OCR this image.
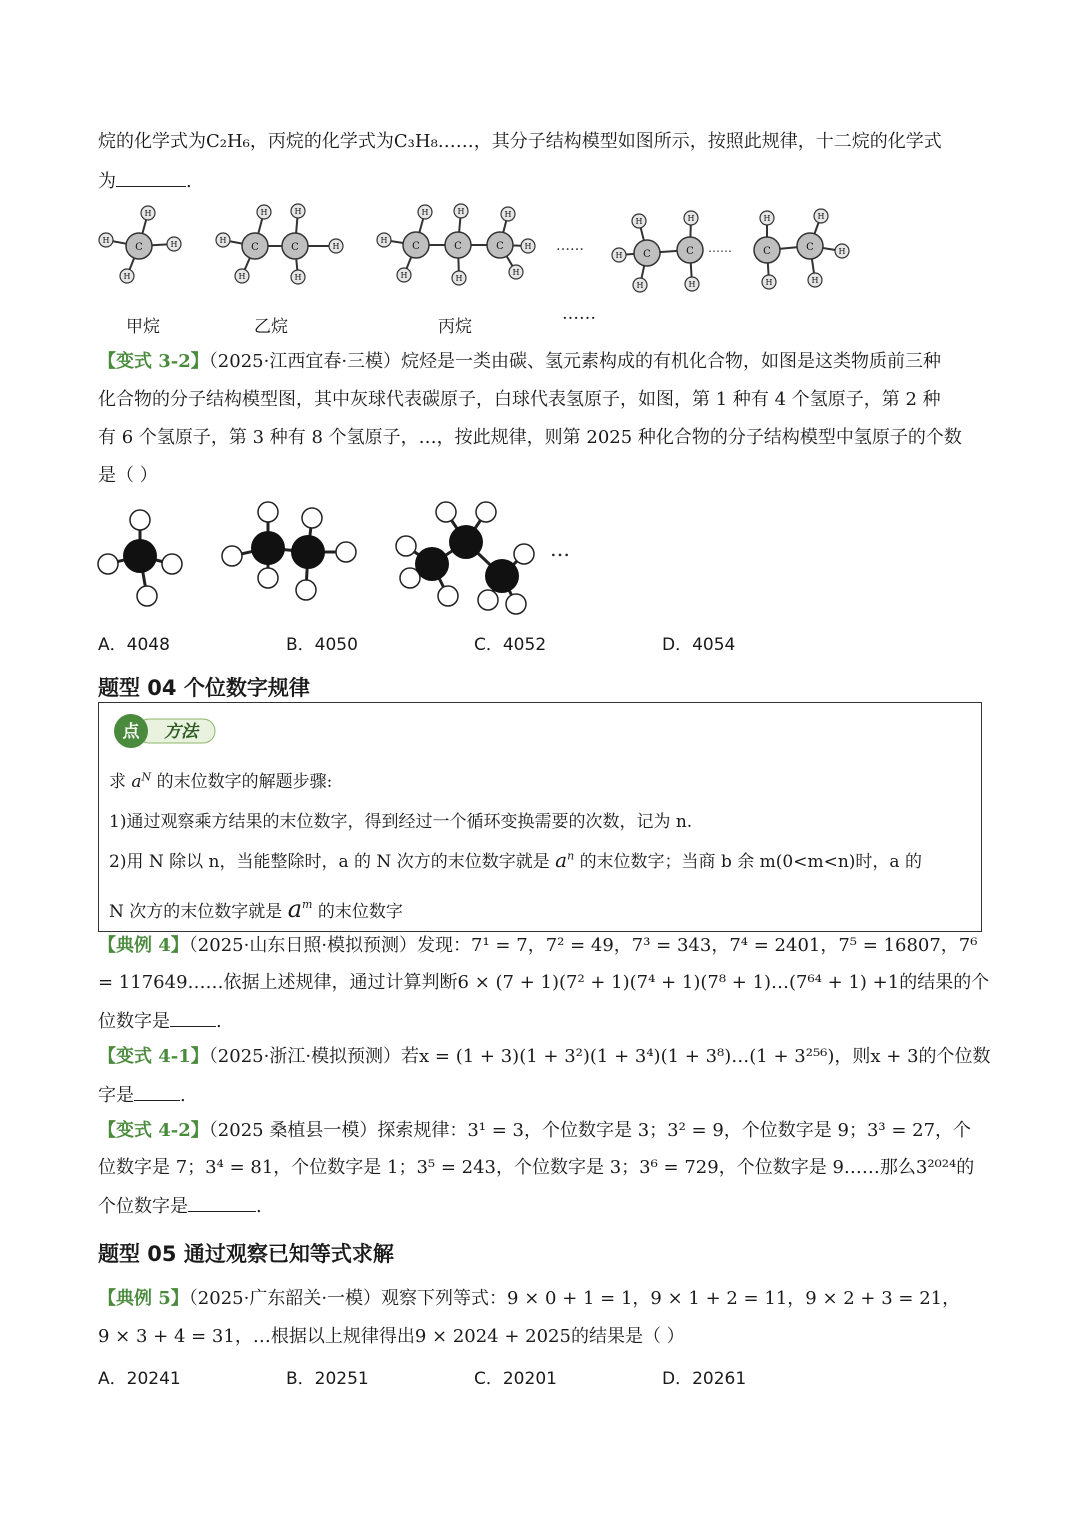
烷的化学式为C₂H₆，丙烷的化学式为C₃H₈……，其分子结构模型如图所示，按照此规律，十二烷的化学式
为	.
C	C	C	C	C	C
C	C	C	C
H
H	H
H
H
H
H
H
H
H
H
H
H
H
H
H
H
H
H
H
H
H
H
H
H
H
H
H
……	……
甲烷	乙烷	丙烷
……
【变式 3-2】（2025·江西宜春·三模）烷烃是一类由碳、氢元素构成的有机化合物，如图是这类物质前三种
化合物的分子结构模型图，其中灰球代表碳原子，白球代表氢原子，如图，第 1 种有 4 个氢原子，第 2 种
有 6 个氢原子，第 3 种有 8 个氢原子，…，按此规律，则第 2025 种化合物的分子结构模型中氢原子的个数
是（ ）
…
A．4048	B．4050	C．4052	D．4054
题型 04 个位数字规律
点 方法
求 $a^N$ 的末位数字的解题步骤:
1)通过观察乘方结果的末位数字，得到经过一个循环变换需要的次数，记为 n.
2)用 N 除以 n，当能整除时，a 的 N 次方的末位数字就是 $a^n$ 的末位数字；当商 b 余 m(0<m<n)时，a 的
N 次方的末位数字就是 $a^m$ 的末位数字
【典例 4】（2025·山东日照·模拟预测）发现：7¹ = 7，7² = 49，7³ = 343，7⁴ = 2401，7⁵ = 16807，7⁶
= 117649……依据上述规律，通过计算判断6 × (7 + 1)(7² + 1)(7⁴ + 1)(7⁸ + 1)…(7⁶⁴ + 1) +1的结果的个
位数字是	.
【变式 4-1】（2025·浙江·模拟预测）若x = (1 + 3)(1 + 3²)(1 + 3⁴)(1 + 3⁸)…(1 + 3²⁵⁶)，则x + 3的个位数
字是	.
【变式 4-2】（2025 桑植县一模）探索规律：3¹ = 3，个位数字是 3；3² = 9，个位数字是 9；3³ = 27，个
位数字是 7；3⁴ = 81，个位数字是 1；3⁵ = 243，个位数字是 3；3⁶ = 729，个位数字是 9……那么3²⁰²⁴的
个位数字是	.
题型 05 通过观察已知等式求解
【典例 5】（2025·广东韶关·一模）观察下列等式：9 × 0 + 1 = 1，9 × 1 + 2 = 11，9 × 2 + 3 = 21，
9 × 3 + 4 = 31，…根据以上规律得出9 × 2024 + 2025的结果是（ ）
A．20241	B．20251	C．20201	D．20261
